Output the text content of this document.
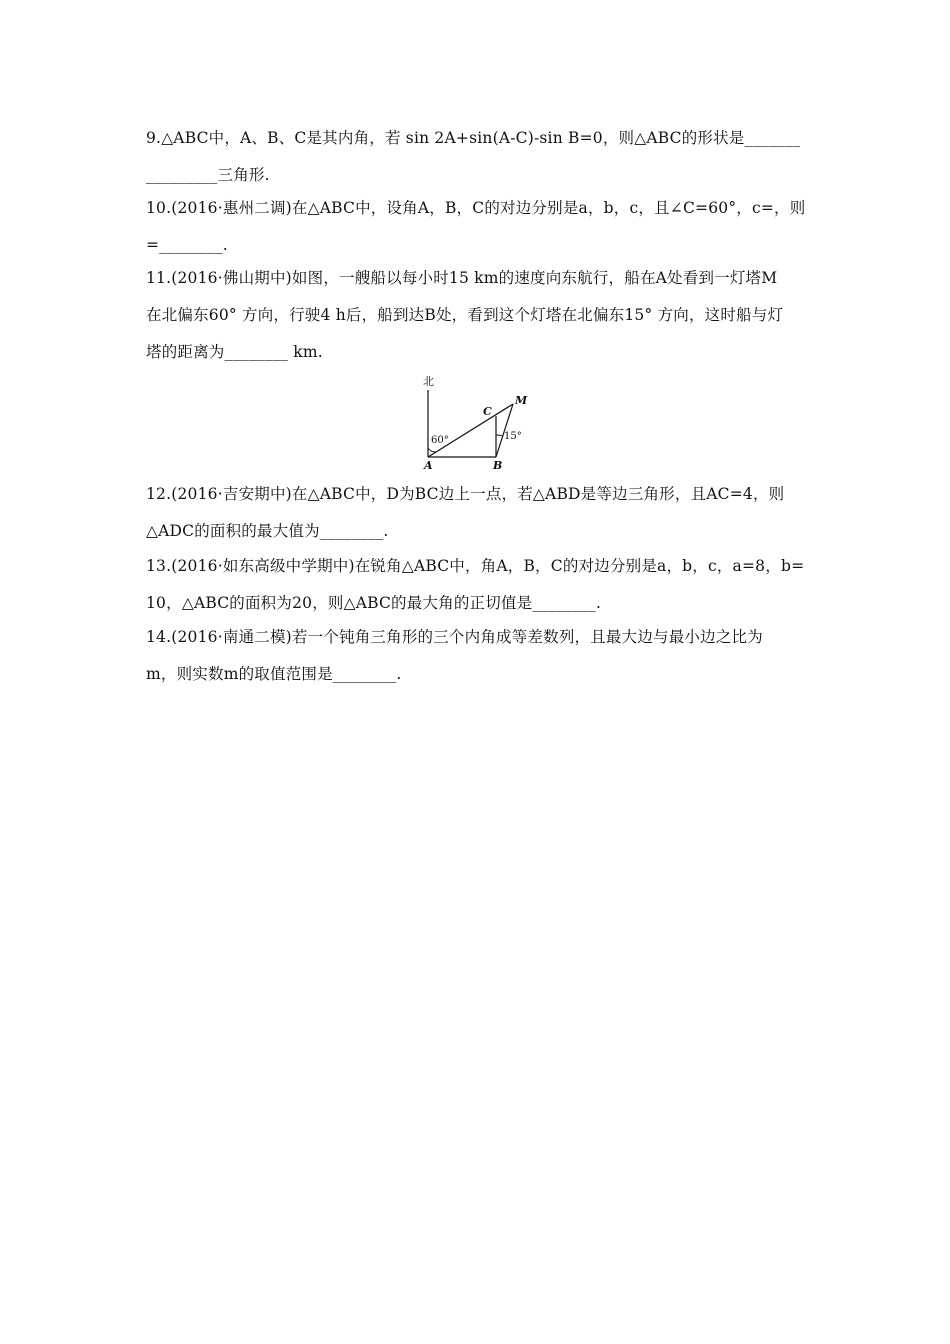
9.△ABC中，A、B、C是其内角，若 sin 2A+sin(A-C)-sin B=0，则△ABC的形状是_______
_________三角形.
10.(2016·惠州二调)在△ABC中，设角A，B，C的对边分别是a，b，c，且∠C=60°，c=，则
=________.
11.(2016·佛山期中)如图，一艘船以每小时15 km的速度向东航行，船在A处看到一灯塔M
在北偏东60° 方向，行驶4 h后，船到达B处，看到这个灯塔在北偏东15° 方向，这时船与灯
塔的距离为________ km.
北
A	B
C
M
60°	15°
12.(2016·吉安期中)在△ABC中，D为BC边上一点，若△ABD是等边三角形，且AC=4，则
△ADC的面积的最大值为________.
13.(2016·如东高级中学期中)在锐角△ABC中，角A，B，C的对边分别是a，b，c，a=8，b=
10，△ABC的面积为20，则△ABC的最大角的正切值是________.
14.(2016·南通二模)若一个钝角三角形的三个内角成等差数列，且最大边与最小边之比为
m，则实数m的取值范围是________.
